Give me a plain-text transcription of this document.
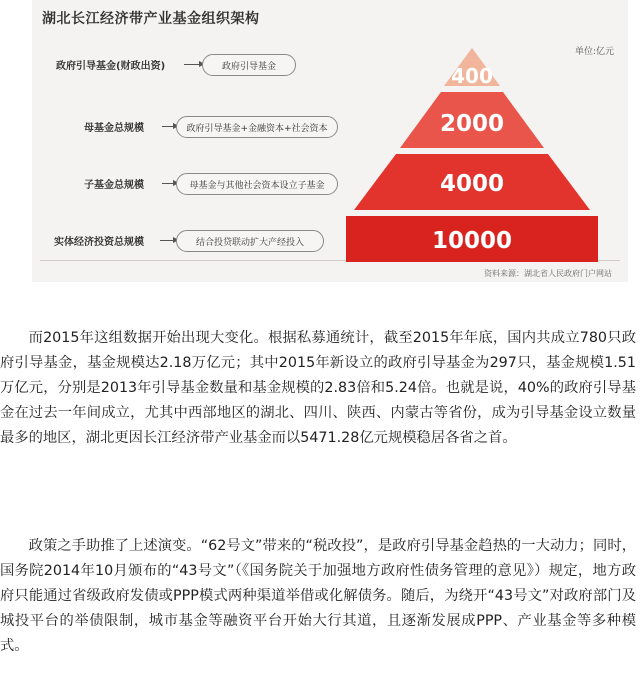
湖北长江经济带产业基金组织架构
单位:亿元
政府引导基金(财政出资)	政府引导基金
母基金总规模	政府引导基金+金融资本+社会资本
子基金总规模	母基金与其他社会资本设立子基金
实体经济投资总规模	结合投贷联动扩大产经投入
资料来源：湖北省人民政府门户网站
400
2000
4000
10000

而2015年这组数据开始出现大变化。根据私募通统计，截至2015年年底，国内共成立780只政府引导基金，基金规模达2.18万亿元；其中2015年新设立的政府引导基金为297只，基金规模1.51万亿元，分别是2013年引导基金数量和基金规模的2.83倍和5.24倍。也就是说，40%的政府引导基金在过去一年间成立，尤其中西部地区的湖北、四川、陕西、内蒙古等省份，成为引导基金设立数量最多的地区，湖北更因长江经济带产业基金而以5471.28亿元规模稳居各省之首。

政策之手助推了上述演变。“62号文”带来的“税改投”，是政府引导基金趋热的一大动力；同时，国务院2014年10月颁布的“43号文”（《国务院关于加强地方政府性债务管理的意见》）规定，地方政府只能通过省级政府发债或PPP模式两种渠道举借或化解债务。随后，为绕开“43号文”对政府部门及城投平台的举债限制，城市基金等融资平台开始大行其道，且逐渐发展成PPP、产业基金等多种模式。
